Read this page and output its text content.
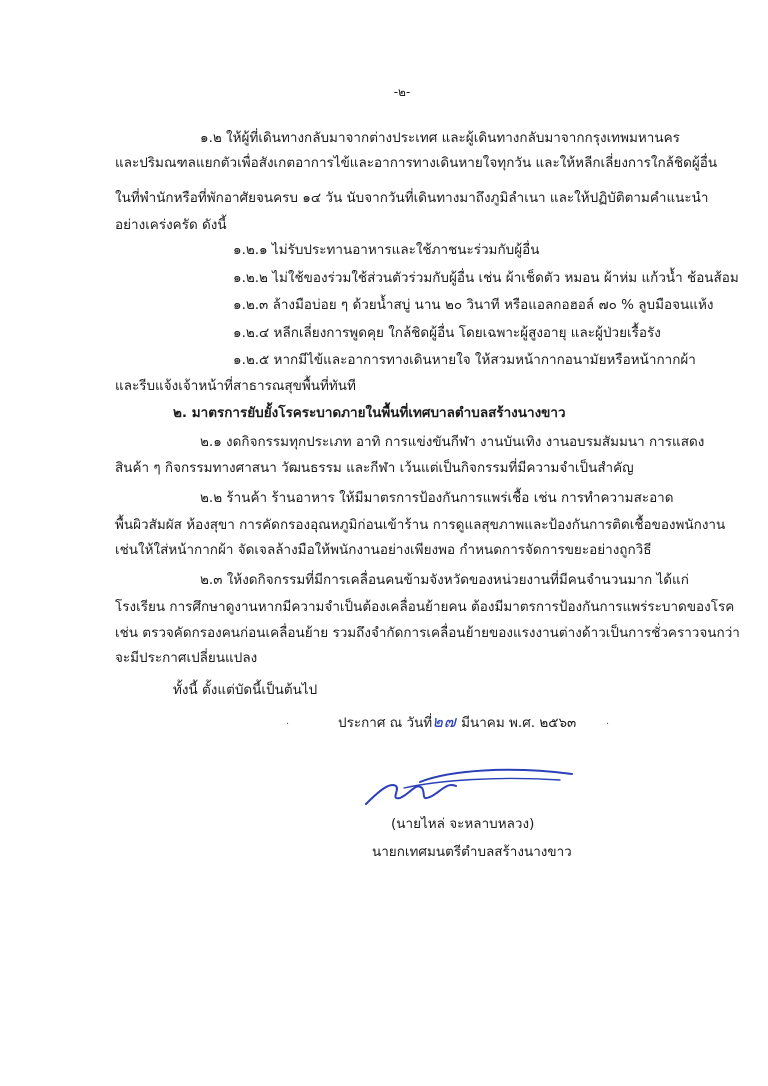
-๒-
๑.๒ ให้ผู้ที่เดินทางกลับมาจากต่างประเทศ และผู้เดินทางกลับมาจากกรุงเทพมหานคร
และปริมณฑลแยกตัวเพื่อสังเกตอาการไข้และอาการทางเดินหายใจทุกวัน และให้หลีกเลี่ยงการใกล้ชิดผู้อื่น
ในที่พำนักหรือที่พักอาศัยจนครบ ๑๔ วัน นับจากวันที่เดินทางมาถึงภูมิลำเนา และให้ปฏิบัติตามคำแนะนำ
อย่างเคร่งครัด ดังนี้
๑.๒.๑ ไม่รับประทานอาหารและใช้ภาชนะร่วมกับผู้อื่น
๑.๒.๒ ไม่ใช้ของร่วมใช้ส่วนตัวร่วมกับผู้อื่น เช่น ผ้าเช็ดตัว หมอน ผ้าห่ม แก้วน้ำ ช้อนส้อม
๑.๒.๓ ล้างมือบ่อย ๆ ด้วยน้ำสบู่ นาน ๒๐ วินาที หรือแอลกอฮอล์ ๗๐ % ลูบมือจนแห้ง
๑.๒.๔ หลีกเลี่ยงการพูดคุย ใกล้ชิดผู้อื่น โดยเฉพาะผู้สูงอายุ และผู้ป่วยเรื้อรัง
๑.๒.๕ หากมีไข้และอาการทางเดินหายใจ ให้สวมหน้ากากอนามัยหรือหน้ากากผ้า
และรีบแจ้งเจ้าหน้าที่สาธารณสุขพื้นที่ทันที
๒. มาตรการยับยั้งโรคระบาดภายในพื้นที่เทศบาลตำบลสร้างนางขาว
๒.๑ งดกิจกรรมทุกประเภท อาทิ การแข่งขันกีฬา งานบันเทิง งานอบรมสัมมนา การแสดง
สินค้า ๆ กิจกรรมทางศาสนา วัฒนธรรม และกีฬา เว้นแต่เป็นกิจกรรมที่มีความจำเป็นสำคัญ
๒.๒ ร้านค้า ร้านอาหาร ให้มีมาตรการป้องกันการแพร่เชื้อ เช่น การทำความสะอาด
พื้นผิวสัมผัส ห้องสุขา การคัดกรองอุณหภูมิก่อนเข้าร้าน การดูแลสุขภาพและป้องกันการติดเชื้อของพนักงาน
เช่นให้ใส่หน้ากากผ้า จัดเจลล้างมือให้พนักงานอย่างเพียงพอ กำหนดการจัดการขยะอย่างถูกวิธี
๒.๓ ให้งดกิจกรรมที่มีการเคลื่อนคนข้ามจังหวัดของหน่วยงานที่มีคนจำนวนมาก ได้แก่
โรงเรียน การศึกษาดูงานหากมีความจำเป็นต้องเคลื่อนย้ายคน ต้องมีมาตรการป้องกันการแพร่ระบาดของโรค
เช่น ตรวจคัดกรองคนก่อนเคลื่อนย้าย รวมถึงจำกัดการเคลื่อนย้ายของแรงงานต่างด้าวเป็นการชั่วคราวจนกว่า
จะมีประกาศเปลี่ยนแปลง
ทั้งนี้ ตั้งแต่บัดนี้เป็นต้นไป
.	ประกาศ ณ วันที่๒๗ มีนาคม พ.ศ. ๒๕๖๓	.
(นายไหล่ จะหลาบหลวง)
นายกเทศมนตรีตำบลสร้างนางขาว
